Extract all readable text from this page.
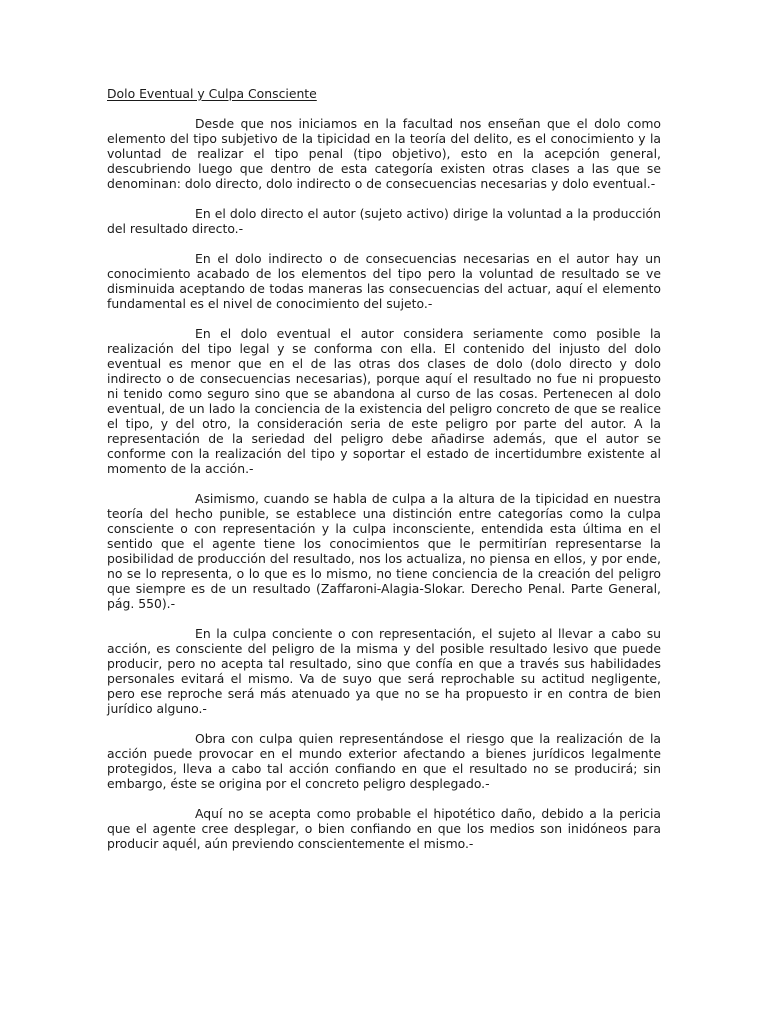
Dolo Eventual y Culpa Consciente

Desde que nos iniciamos en la facultad nos enseñan que el dolo como elemento del tipo subjetivo de la tipicidad en la teoría del delito, es el conocimiento y la voluntad de realizar el tipo penal (tipo objetivo), esto en la acepción general, descubriendo luego que dentro de esta categoría existen otras clases a las que se denominan: dolo directo, dolo indirecto o de consecuencias necesarias y dolo eventual.-

En el dolo directo el autor (sujeto activo) dirige la voluntad a la producción del resultado directo.-

En el dolo indirecto o de consecuencias necesarias en el autor hay un conocimiento acabado de los elementos del tipo pero la voluntad de resultado se ve disminuida aceptando de todas maneras las consecuencias del actuar, aquí el elemento fundamental es el nivel de conocimiento del sujeto.-

En el dolo eventual el autor considera seriamente como posible la realización del tipo legal y se conforma con ella. El contenido del injusto del dolo eventual es menor que en el de las otras dos clases de dolo (dolo directo y dolo indirecto o de consecuencias necesarias), porque aquí el resultado no fue ni propuesto ni tenido como seguro sino que se abandona al curso de las cosas. Pertenecen al dolo eventual, de un lado la conciencia de la existencia del peligro concreto de que se realice el tipo, y del otro, la consideración seria de este peligro por parte del autor. A la representación de la seriedad del peligro debe añadirse además, que el autor se conforme con la realización del tipo y soportar el estado de incertidumbre existente al momento de la acción.-

Asimismo, cuando se habla de culpa a la altura de la tipicidad en nuestra teoría del hecho punible, se establece una distinción entre categorías como la culpa consciente o con representación y la culpa inconsciente, entendida esta última en el sentido que el agente tiene los conocimientos que le permitirían representarse la posibilidad de producción del resultado, nos los actualiza, no piensa en ellos, y por ende, no se lo representa, o lo que es lo mismo, no tiene conciencia de la creación del peligro que siempre es de un resultado (Zaffaroni-Alagia-Slokar. Derecho Penal. Parte General, pág. 550).-

En la culpa conciente o con representación, el sujeto al llevar a cabo su acción, es consciente del peligro de la misma y del posible resultado lesivo que puede producir, pero no acepta tal resultado, sino que confía en que a través sus habilidades personales evitará el mismo. Va de suyo que será reprochable su actitud negligente, pero ese reproche será más atenuado ya que no se ha propuesto ir en contra de bien jurídico alguno.-

Obra con culpa quien representándose el riesgo que la realización de la acción puede provocar en el mundo exterior afectando a bienes jurídicos legalmente protegidos, lleva a cabo tal acción confiando en que el resultado no se producirá; sin embargo, éste se origina por el concreto peligro desplegado.-

Aquí no se acepta como probable el hipotético daño, debido a la pericia que el agente cree desplegar, o bien confiando en que los medios son inidóneos para producir aquél, aún previendo conscientemente el mismo.-
